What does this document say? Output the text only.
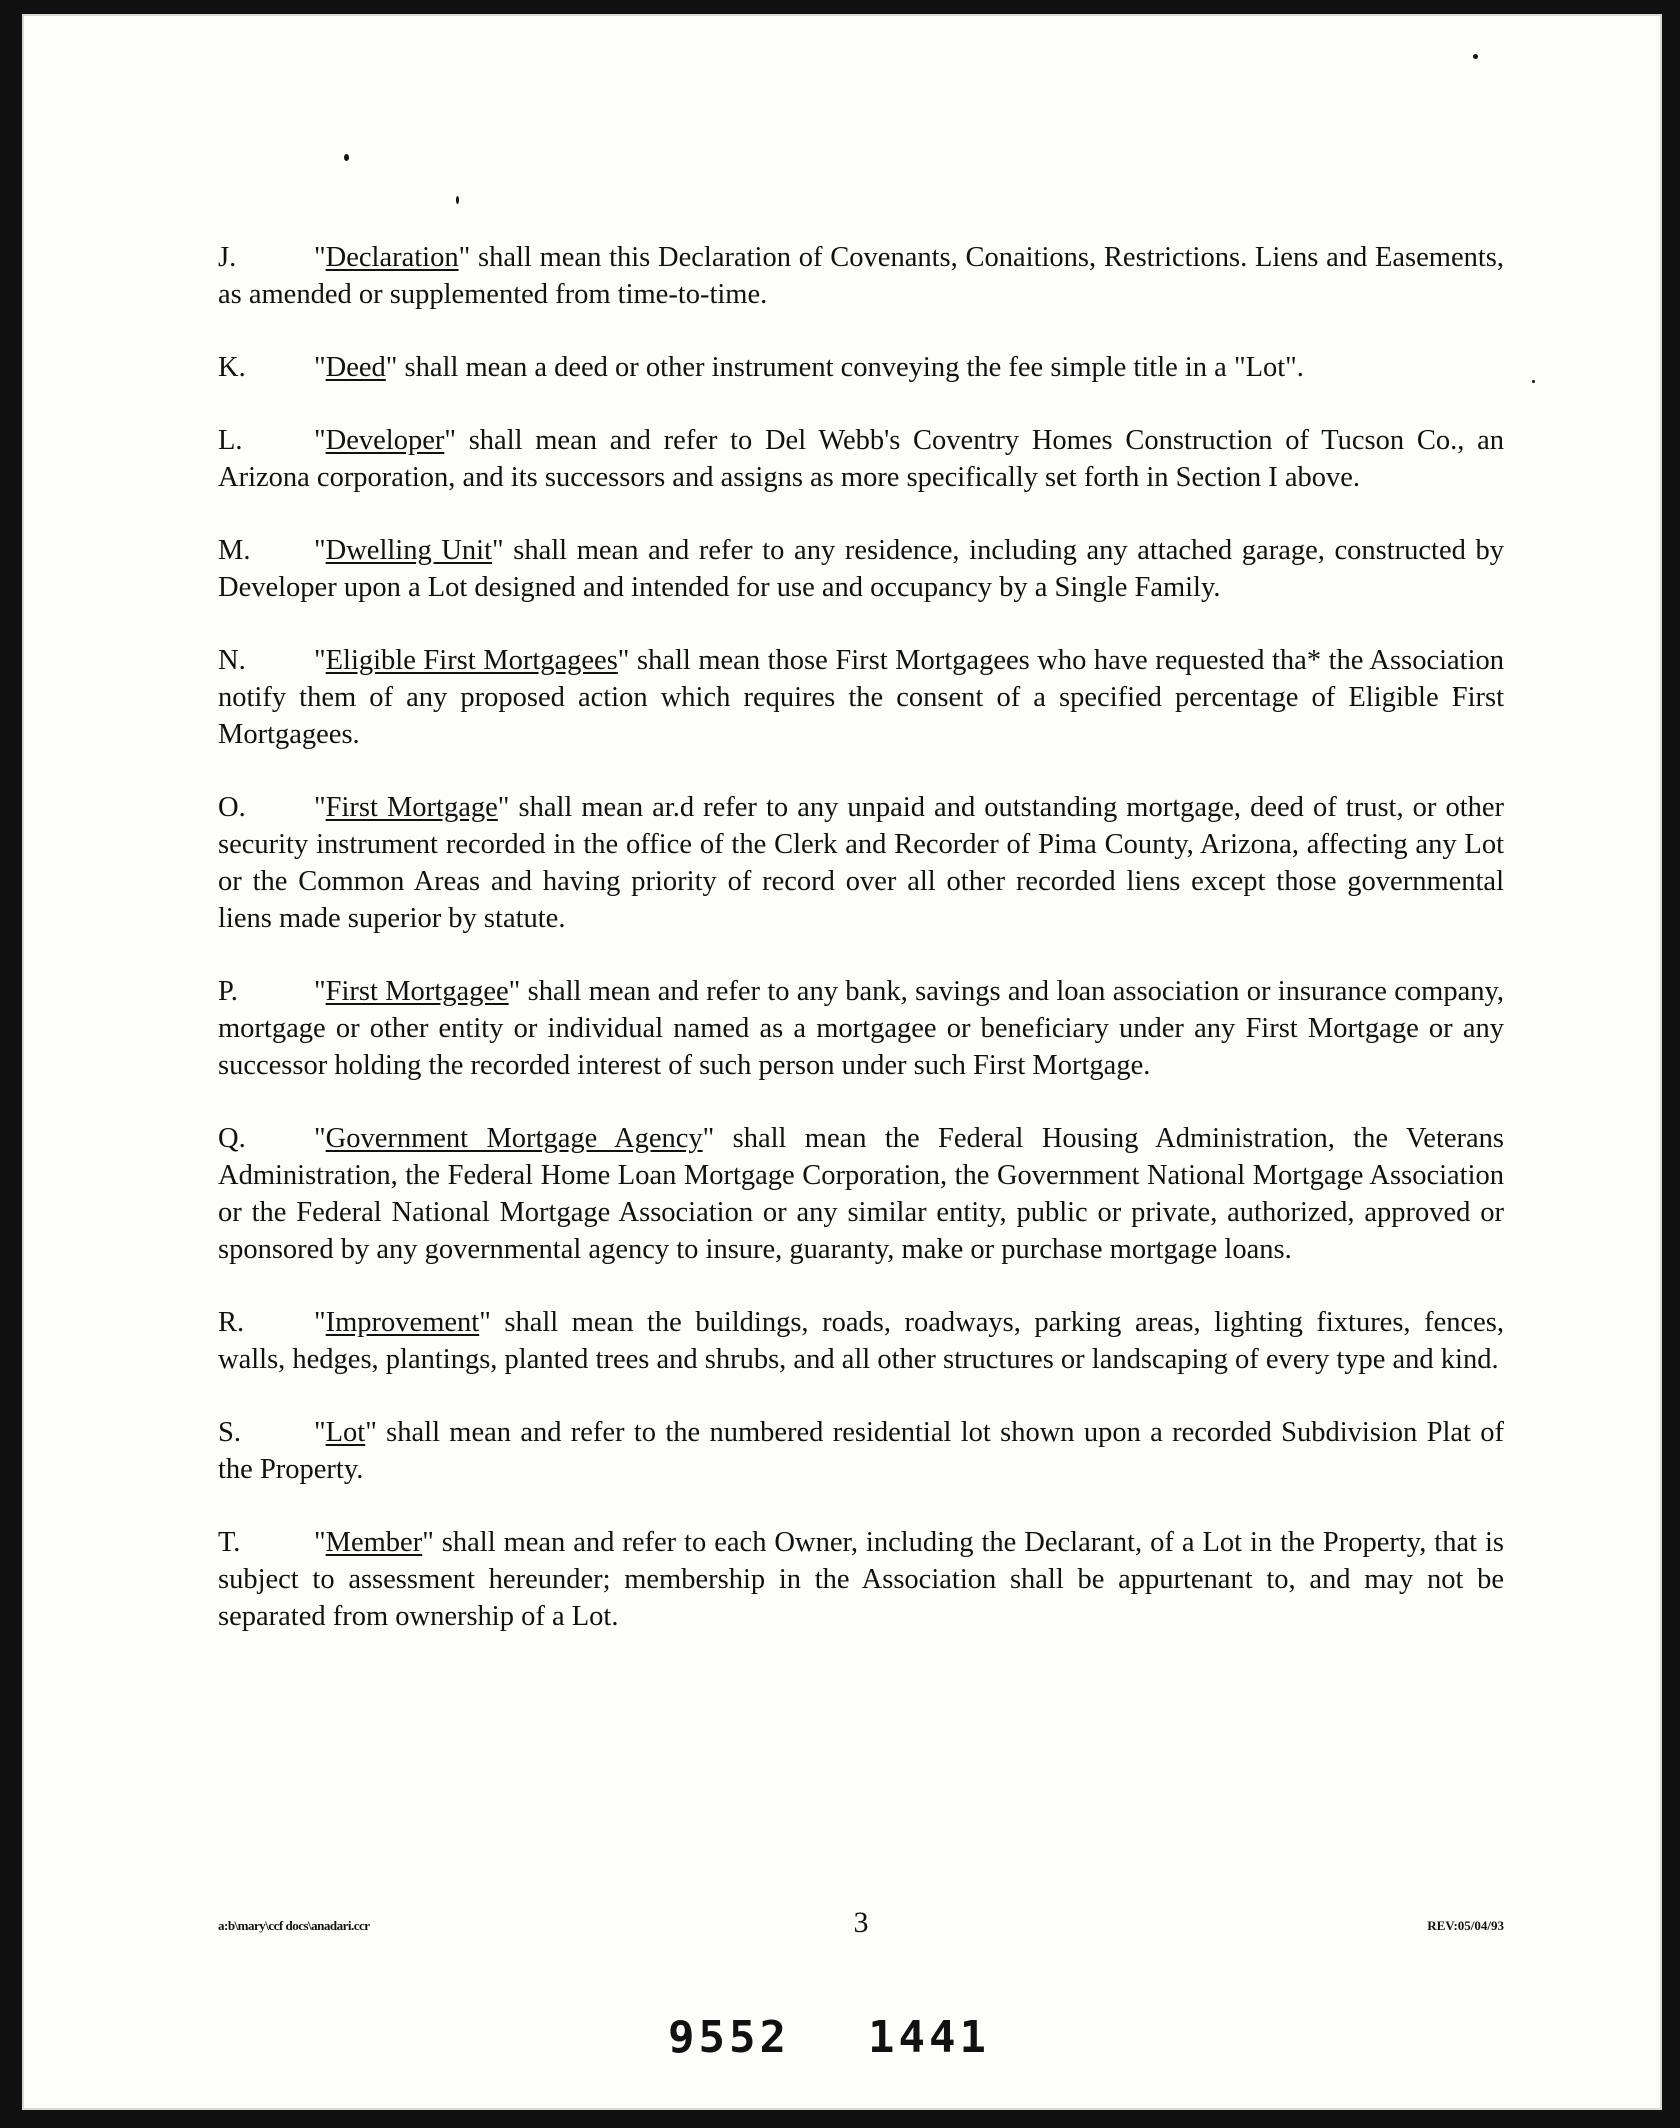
J.	"Declaration" shall mean this Declaration of Covenants, Conaitions, Restrictions. Liens and Easements, as amended or supplemented from time-to-time.

K. "Deed" shall mean a deed or other instrument conveying the fee simple title in a "Lot".

L.	"Developer" shall mean and refer to Del Webb's Coventry Homes Construction of Tucson Co., an Arizona corporation, and its successors and assigns as more specifically set forth in Section I above.

M. "Dwelling Unit" shall mean and refer to any residence, including any attached garage, constructed by Developer upon a Lot designed and intended for use and occupancy by a Single Family.

N. "Eligible First Mortgagees" shall mean those First Mortgagees who have requested tha* the Association notify them of any proposed action which requires the consent of a specified percentage of Eligible First Mortgagees.

O. "First Mortgage" shall mean ar.d refer to any unpaid and outstanding mortgage, deed of trust, or other security instrument recorded in the office of the Clerk and Recorder of Pima County, Arizona, affecting any Lot or the Common Areas and having priority of record over all other recorded liens except those governmental liens made superior by statute.

P.	"First Mortgagee" shall mean and refer to any bank, savings and loan association or insurance company, mortgage or other entity or individual named as a mortgagee or beneficiary under any First Mortgage or any successor holding the recorded interest of such person under such First Mortgage.

Q. "Government Mortgage Agency" shall mean the Federal Housing Administration, the Veterans Administration, the Federal Home Loan Mortgage Corporation, the Government National Mortgage Association or the Federal National Mortgage Association or any similar entity, public or private, authorized, approved or sponsored by any governmental agency to insure, guaranty, make or purchase mortgage loans.

R. "Improvement" shall mean the buildings, roads, roadways, parking areas, lighting fixtures, fences, walls, hedges, plantings, planted trees and shrubs, and all other structures or landscaping of every type and kind.

S.	"Lot" shall mean and refer to the numbered residential lot shown upon a recorded Subdivision Plat of the Property.

T.	"Member" shall mean and refer to each Owner, including the Declarant, of a Lot in the Property, that is subject to assessment hereunder; membership in the Association shall be appurtenant to, and may not be separated from ownership of a Lot.

a:b\mary\ccf docs\anadari.ccr	3	REV:05/04/93
9552 1441
